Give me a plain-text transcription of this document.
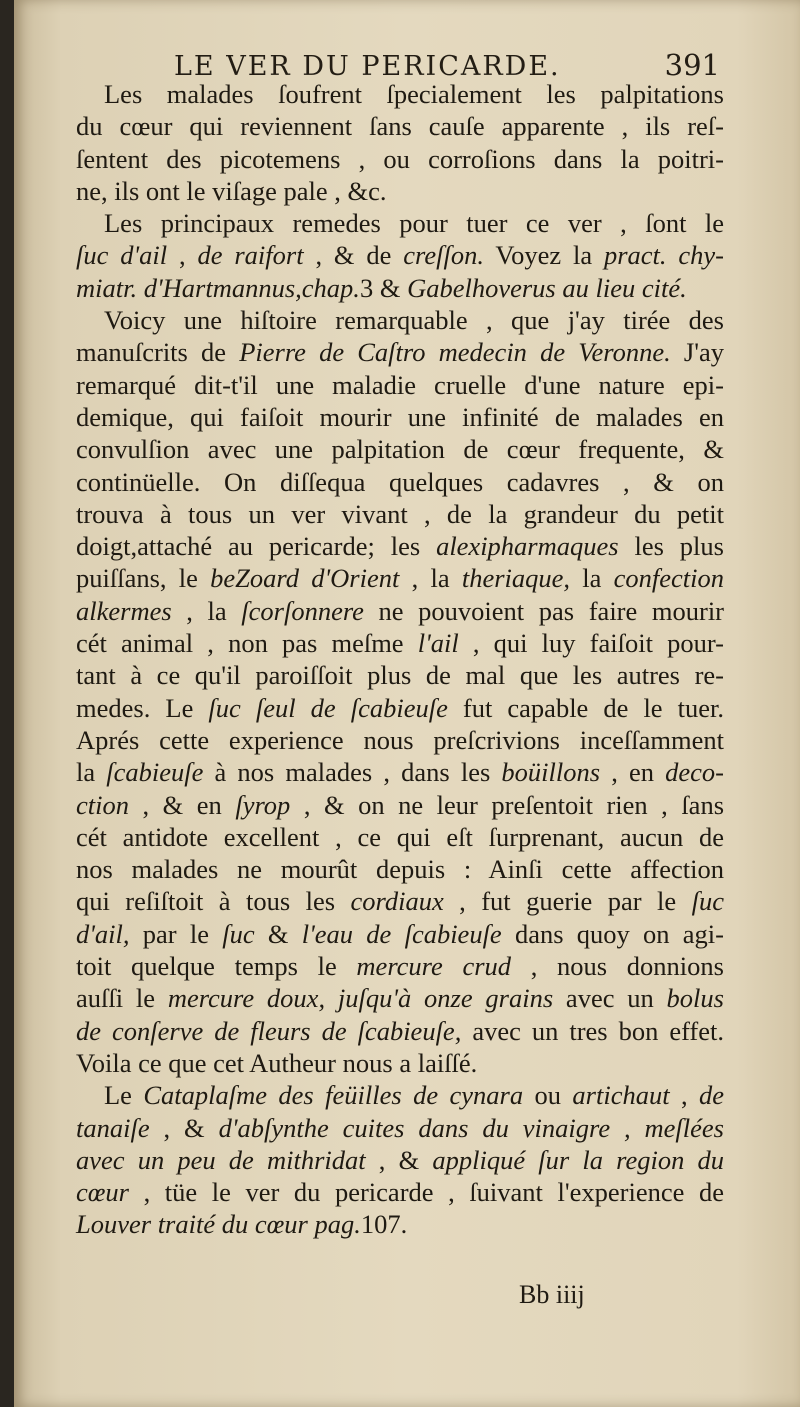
LE VER DU PERICARDE.	391
Les malades ſoufrent ſpecialement les palpitations
du cœur qui reviennent ſans cauſe apparente , ils reſ-
ſentent des picotemens , ou corroſions dans la poitri-
ne, ils ont le viſage pale , &c.
Les principaux remedes pour tuer ce ver , ſont le
ſuc d'ail , de raifort , & de creſſon. Voyez la pract. chy-
miatr. d'Hartmannus,chap.3 & Gabelhoverus au lieu cité.
Voicy une hiſtoire remarquable , que j'ay tirée des
manuſcrits de Pierre de Caſtro medecin de Veronne. J'ay
remarqué dit-t'il une maladie cruelle d'une nature epi-
demique, qui faiſoit mourir une infinité de malades en
convulſion avec une palpitation de cœur frequente, &
continüelle. On diſſequa quelques cadavres , & on
trouva à tous un ver vivant , de la grandeur du petit
doigt,attaché au pericarde; les alexipharmaques les plus
puiſſans, le beZoard d'Orient , la theriaque, la confection
alkermes , la ſcorſonnere ne pouvoient pas faire mourir
cét animal , non pas meſme l'ail , qui luy faiſoit pour-
tant à ce qu'il paroiſſoit plus de mal que les autres re-
medes. Le ſuc ſeul de ſcabieuſe fut capable de le tuer.
Aprés cette experience nous preſcrivions inceſſamment
la ſcabieuſe à nos malades , dans les boüillons , en deco-
ction , & en ſyrop , & on ne leur preſentoit rien , ſans
cét antidote excellent , ce qui eſt ſurprenant, aucun de
nos malades ne mourût depuis : Ainſi cette affection
qui reſiſtoit à tous les cordiaux , fut guerie par le ſuc
d'ail, par le ſuc & l'eau de ſcabieuſe dans quoy on agi-
toit quelque temps le mercure crud , nous donnions
auſſi le mercure doux, juſqu'à onze grains avec un bolus
de conſerve de fleurs de ſcabieuſe, avec un tres bon effet.
Voila ce que cet Autheur nous a laiſſé.
Le Cataplaſme des feüilles de cynara ou artichaut , de
tanaiſe , & d'abſynthe cuites dans du vinaigre , meſlées
avec un peu de mithridat , & appliqué ſur la region du
cœur , tüe le ver du pericarde , ſuivant l'experience de
Louver traité du cœur pag.107.
Bb iiij
